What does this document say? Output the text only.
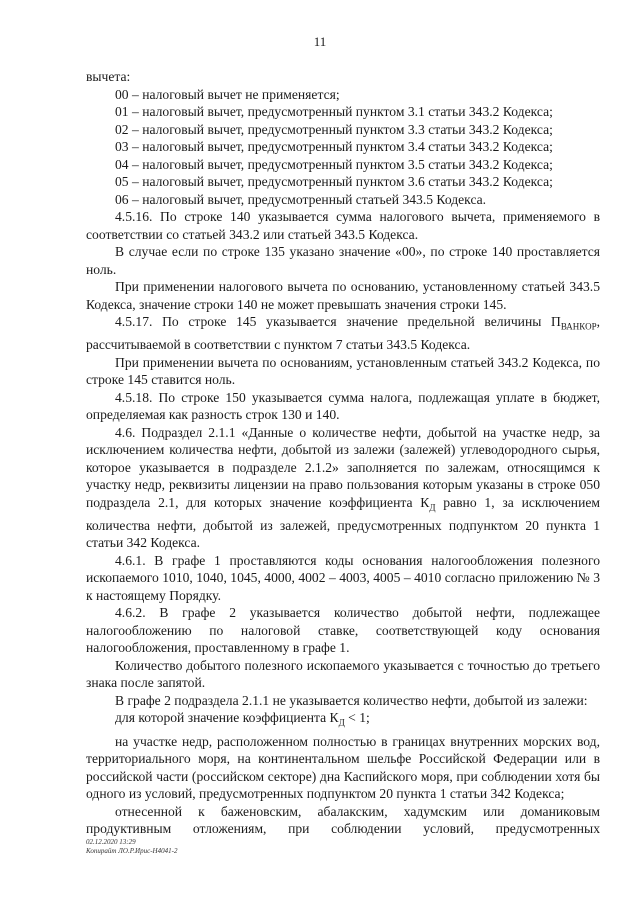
11

вычета:

00 – налоговый вычет не применяется;

01 – налоговый вычет, предусмотренный пунктом 3.1 статьи 343.2 Кодекса;

02 – налоговый вычет, предусмотренный пунктом 3.3 статьи 343.2 Кодекса;

03 – налоговый вычет, предусмотренный пунктом 3.4 статьи 343.2 Кодекса;

04 – налоговый вычет, предусмотренный пунктом 3.5 статьи 343.2 Кодекса;

05 – налоговый вычет, предусмотренный пунктом 3.6 статьи 343.2 Кодекса;

06 – налоговый вычет, предусмотренный статьей 343.5 Кодекса.

4.5.16. По строке 140 указывается сумма налогового вычета, применяемого в соответствии со статьей 343.2 или статьей 343.5 Кодекса.

В случае если по строке 135 указано значение «00», по строке 140 проставляется ноль.

При применении налогового вычета по основанию, установленному статьей 343.5 Кодекса, значение строки 140 не может превышать значения строки 145.

4.5.17. По строке 145 указывается значение предельной величины $П_{ВАНКОР}$, рассчитываемой в соответствии с пунктом 7 статьи 343.5 Кодекса.

При применении вычета по основаниям, установленным статьей 343.2 Кодекса, по строке 145 ставится ноль.

4.5.18. По строке 150 указывается сумма налога, подлежащая уплате в бюджет, определяемая как разность строк 130 и 140.

4.6. Подраздел 2.1.1 «Данные о количестве нефти, добытой на участке недр, за исключением количества нефти, добытой из залежи (залежей) углеводородного сырья, которое указывается в подразделе 2.1.2» заполняется по залежам, относящимся к участку недр, реквизиты лицензии на право пользования которым указаны в строке 050 подраздела 2.1, для которых значение коэффициента $К_Д$ равно 1, за исключением количества нефти, добытой из залежей, предусмотренных подпунктом 20 пункта 1 статьи 342 Кодекса.

4.6.1. В графе 1 проставляются коды основания налогообложения полезного ископаемого 1010, 1040, 1045, 4000, 4002 – 4003, 4005 – 4010 согласно приложению № 3 к настоящему Порядку.

4.6.2. В графе 2 указывается количество добытой нефти, подлежащее налогообложению по налоговой ставке, соответствующей коду основания налогообложения, проставленному в графе 1.

Количество добытого полезного ископаемого указывается с точностью до третьего знака после запятой.

В графе 2 подраздела 2.1.1 не указывается количество нефти, добытой из залежи:

для которой значение коэффициента $К_Д < 1$;

на участке недр, расположенном полностью в границах внутренних морских вод, территориального моря, на континентальном шельфе Российской Федерации или в российской части (российском секторе) дна Каспийского моря, при соблюдении хотя бы одного из условий, предусмотренных подпунктом 20 пункта 1 статьи 342 Кодекса;

отнесенной к баженовским, абалакским, хадумским или доманиковым продуктивным отложениям, при соблюдении условий, предусмотренных

02.12.2020 13:29
Копирайт ЛО.Р.Ирис-Н4041-2
